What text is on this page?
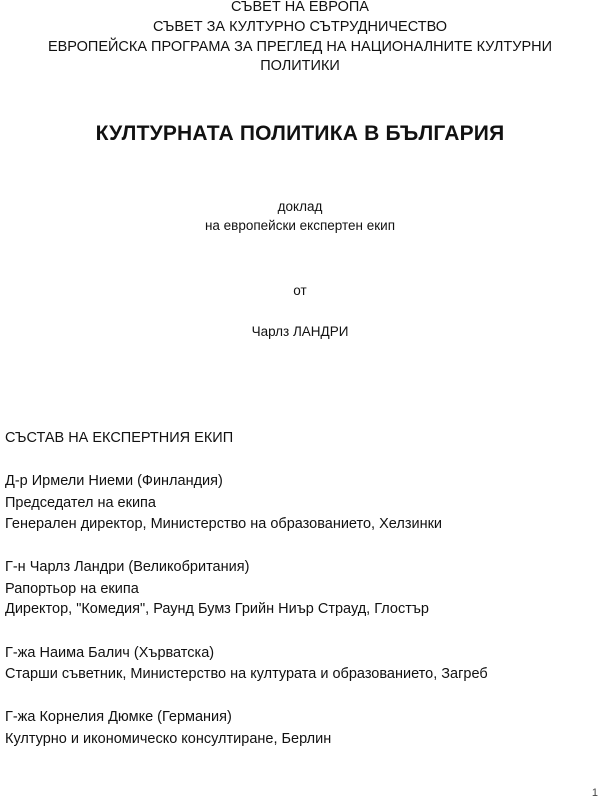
СЪВЕТ НА ЕВРОПА
СЪВЕТ ЗА КУЛТУРНО СЪТРУДНИЧЕСТВО
ЕВРОПЕЙСКА ПРОГРАМА ЗА ПРЕГЛЕД НА НАЦИОНАЛНИТЕ КУЛТУРНИ
ПОЛИТИКИ
КУЛТУРНАТА ПОЛИТИКА В БЪЛГАРИЯ
доклад
на европейски експертен екип
от
Чарлз ЛАНДРИ
СЪСТАВ НА ЕКСПЕРТНИЯ ЕКИП
Д-р Ирмели Ниеми (Финландия)
Председател на екипа
Генерален директор, Министерство на образованието, Хелзинки
Г-н Чарлз Ландри (Великобритания)
Рапортьор на екипа
Директор, "Комедия", Раунд Бумз Грийн Ниър Страуд, Глостър
Г-жа Наима Балич (Хърватска)
Старши съветник, Министерство на културата и образованието, Загреб
Г-жа Корнелия Дюмке (Германия)
Културно и икономическо консултиране, Берлин
1
